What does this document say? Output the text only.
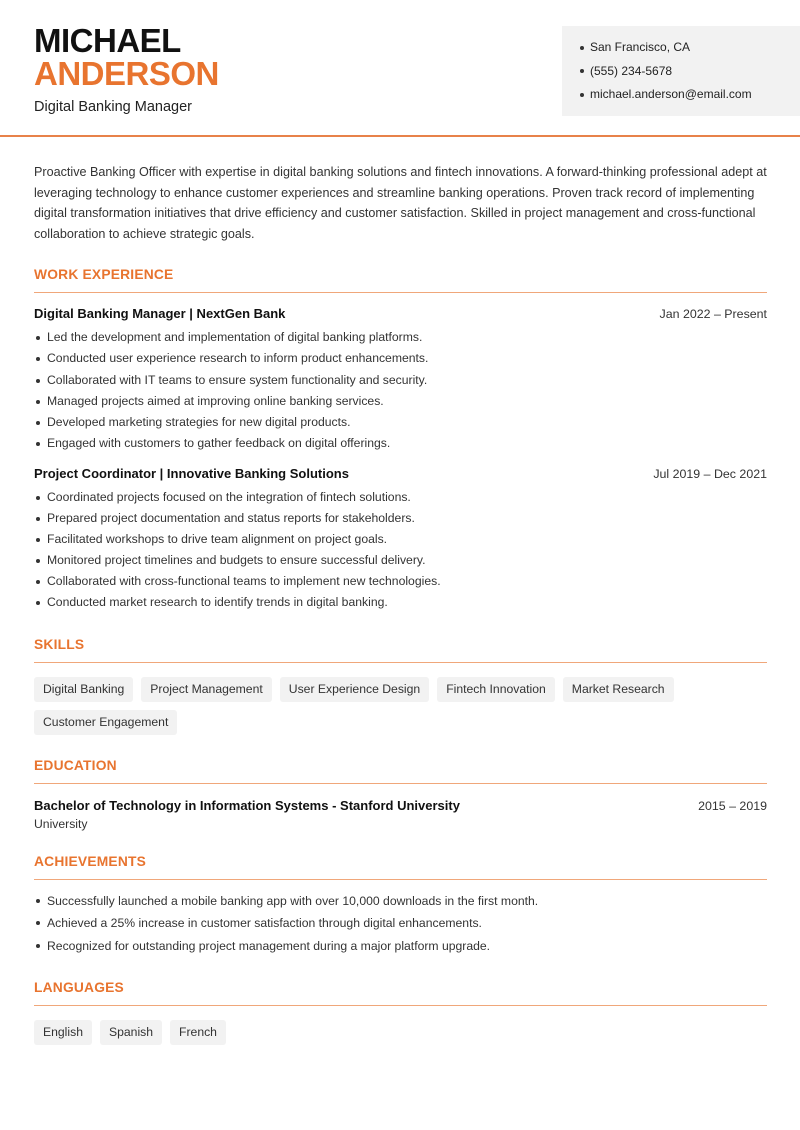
MICHAEL
ANDERSON
Digital Banking Manager
San Francisco, CA
(555) 234-5678
michael.anderson@email.com

Proactive Banking Officer with expertise in digital banking solutions and fintech innovations. A forward-thinking professional adept at leveraging technology to enhance customer experiences and streamline banking operations. Proven track record of implementing digital transformation initiatives that drive efficiency and customer satisfaction. Skilled in project management and cross-functional collaboration to achieve strategic goals.

WORK EXPERIENCE
Digital Banking Manager | NextGen Bank	Jan 2022 – Present
Led the development and implementation of digital banking platforms.
Conducted user experience research to inform product enhancements.
Collaborated with IT teams to ensure system functionality and security.
Managed projects aimed at improving online banking services.
Developed marketing strategies for new digital products.
Engaged with customers to gather feedback on digital offerings.
Project Coordinator | Innovative Banking Solutions	Jul 2019 – Dec 2021
Coordinated projects focused on the integration of fintech solutions.
Prepared project documentation and status reports for stakeholders.
Facilitated workshops to drive team alignment on project goals.
Monitored project timelines and budgets to ensure successful delivery.
Collaborated with cross-functional teams to implement new technologies.
Conducted market research to identify trends in digital banking.
SKILLS
Digital Banking	Project Management	User Experience Design	Fintech Innovation	Market Research
Customer Engagement
EDUCATION
Bachelor of Technology in Information Systems - Stanford University	2015 – 2019
University
ACHIEVEMENTS
Successfully launched a mobile banking app with over 10,000 downloads in the first month.
Achieved a 25% increase in customer satisfaction through digital enhancements.
Recognized for outstanding project management during a major platform upgrade.
LANGUAGES
English	Spanish	French
